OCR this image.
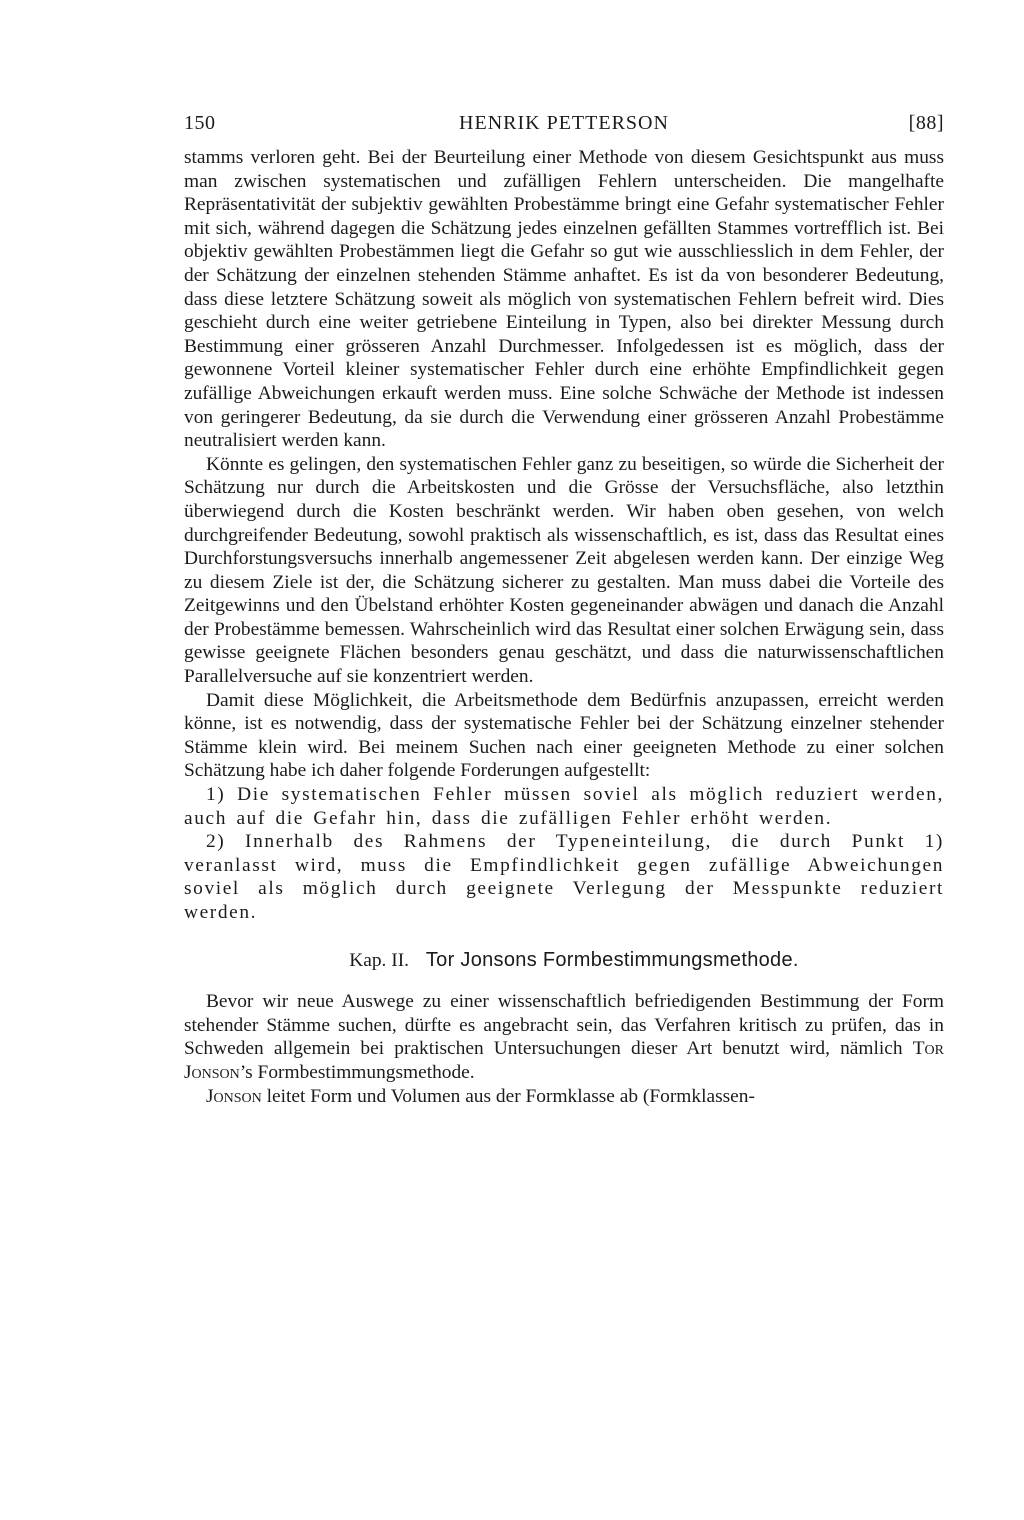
150	HENRIK PETTERSON	[88]

stamms verloren geht. Bei der Beurteilung einer Methode von diesem Gesichtspunkt aus muss man zwischen systematischen und zufälligen Fehlern unterscheiden. Die mangelhafte Repräsentativität der subjektiv gewählten Probestämme bringt eine Gefahr systematischer Fehler mit sich, während dagegen die Schätzung jedes einzelnen gefällten Stammes vortrefflich ist. Bei objektiv gewählten Probestämmen liegt die Gefahr so gut wie ausschliesslich in dem Fehler, der der Schätzung der einzelnen stehenden Stämme anhaftet. Es ist da von besonderer Bedeutung, dass diese letztere Schätzung soweit als möglich von systematischen Fehlern befreit wird. Dies geschieht durch eine weiter getriebene Einteilung in Typen, also bei direkter Messung durch Bestimmung einer grösseren Anzahl Durchmesser. Infolgedessen ist es möglich, dass der gewonnene Vorteil kleiner systematischer Fehler durch eine erhöhte Empfindlichkeit gegen zufällige Abweichungen erkauft werden muss. Eine solche Schwäche der Methode ist indessen von geringerer Bedeutung, da sie durch die Verwendung einer grösseren Anzahl Probestämme neutralisiert werden kann.

Könnte es gelingen, den systematischen Fehler ganz zu beseitigen, so würde die Sicherheit der Schätzung nur durch die Arbeitskosten und die Grösse der Versuchsfläche, also letzthin überwiegend durch die Kosten beschränkt werden. Wir haben oben gesehen, von welch durchgreifender Bedeutung, sowohl praktisch als wissenschaftlich, es ist, dass das Resultat eines Durchforstungsversuchs innerhalb angemessener Zeit abgelesen werden kann. Der einzige Weg zu diesem Ziele ist der, die Schätzung sicherer zu gestalten. Man muss dabei die Vorteile des Zeitgewinns und den Übelstand erhöhter Kosten gegeneinander abwägen und danach die Anzahl der Probestämme bemessen. Wahrscheinlich wird das Resultat einer solchen Erwägung sein, dass gewisse geeignete Flächen besonders genau geschätzt, und dass die naturwissenschaftlichen Parallelversuche auf sie konzentriert werden.

Damit diese Möglichkeit, die Arbeitsmethode dem Bedürfnis anzupassen, erreicht werden könne, ist es notwendig, dass der systematische Fehler bei der Schätzung einzelner stehender Stämme klein wird. Bei meinem Suchen nach einer geeigneten Methode zu einer solchen Schätzung habe ich daher folgende Forderungen aufgestellt:

1) Die systematischen Fehler müssen soviel als möglich reduziert werden, auch auf die Gefahr hin, dass die zufälligen Fehler erhöht werden.

2) Innerhalb des Rahmens der Typeneinteilung, die durch Punkt 1) veranlasst wird, muss die Empfindlichkeit gegen zufällige Abweichungen soviel als möglich durch geeignete Verlegung der Messpunkte reduziert werden.

Kap. II. Tor Jonsons Formbestimmungsmethode.

Bevor wir neue Auswege zu einer wissenschaftlich befriedigenden Bestimmung der Form stehender Stämme suchen, dürfte es angebracht sein, das Verfahren kritisch zu prüfen, das in Schweden allgemein bei praktischen Untersuchungen dieser Art benutzt wird, nämlich Tor Jonson’s Formbestimmungsmethode.

Jonson leitet Form und Volumen aus der Formklasse ab (Formklassen-
